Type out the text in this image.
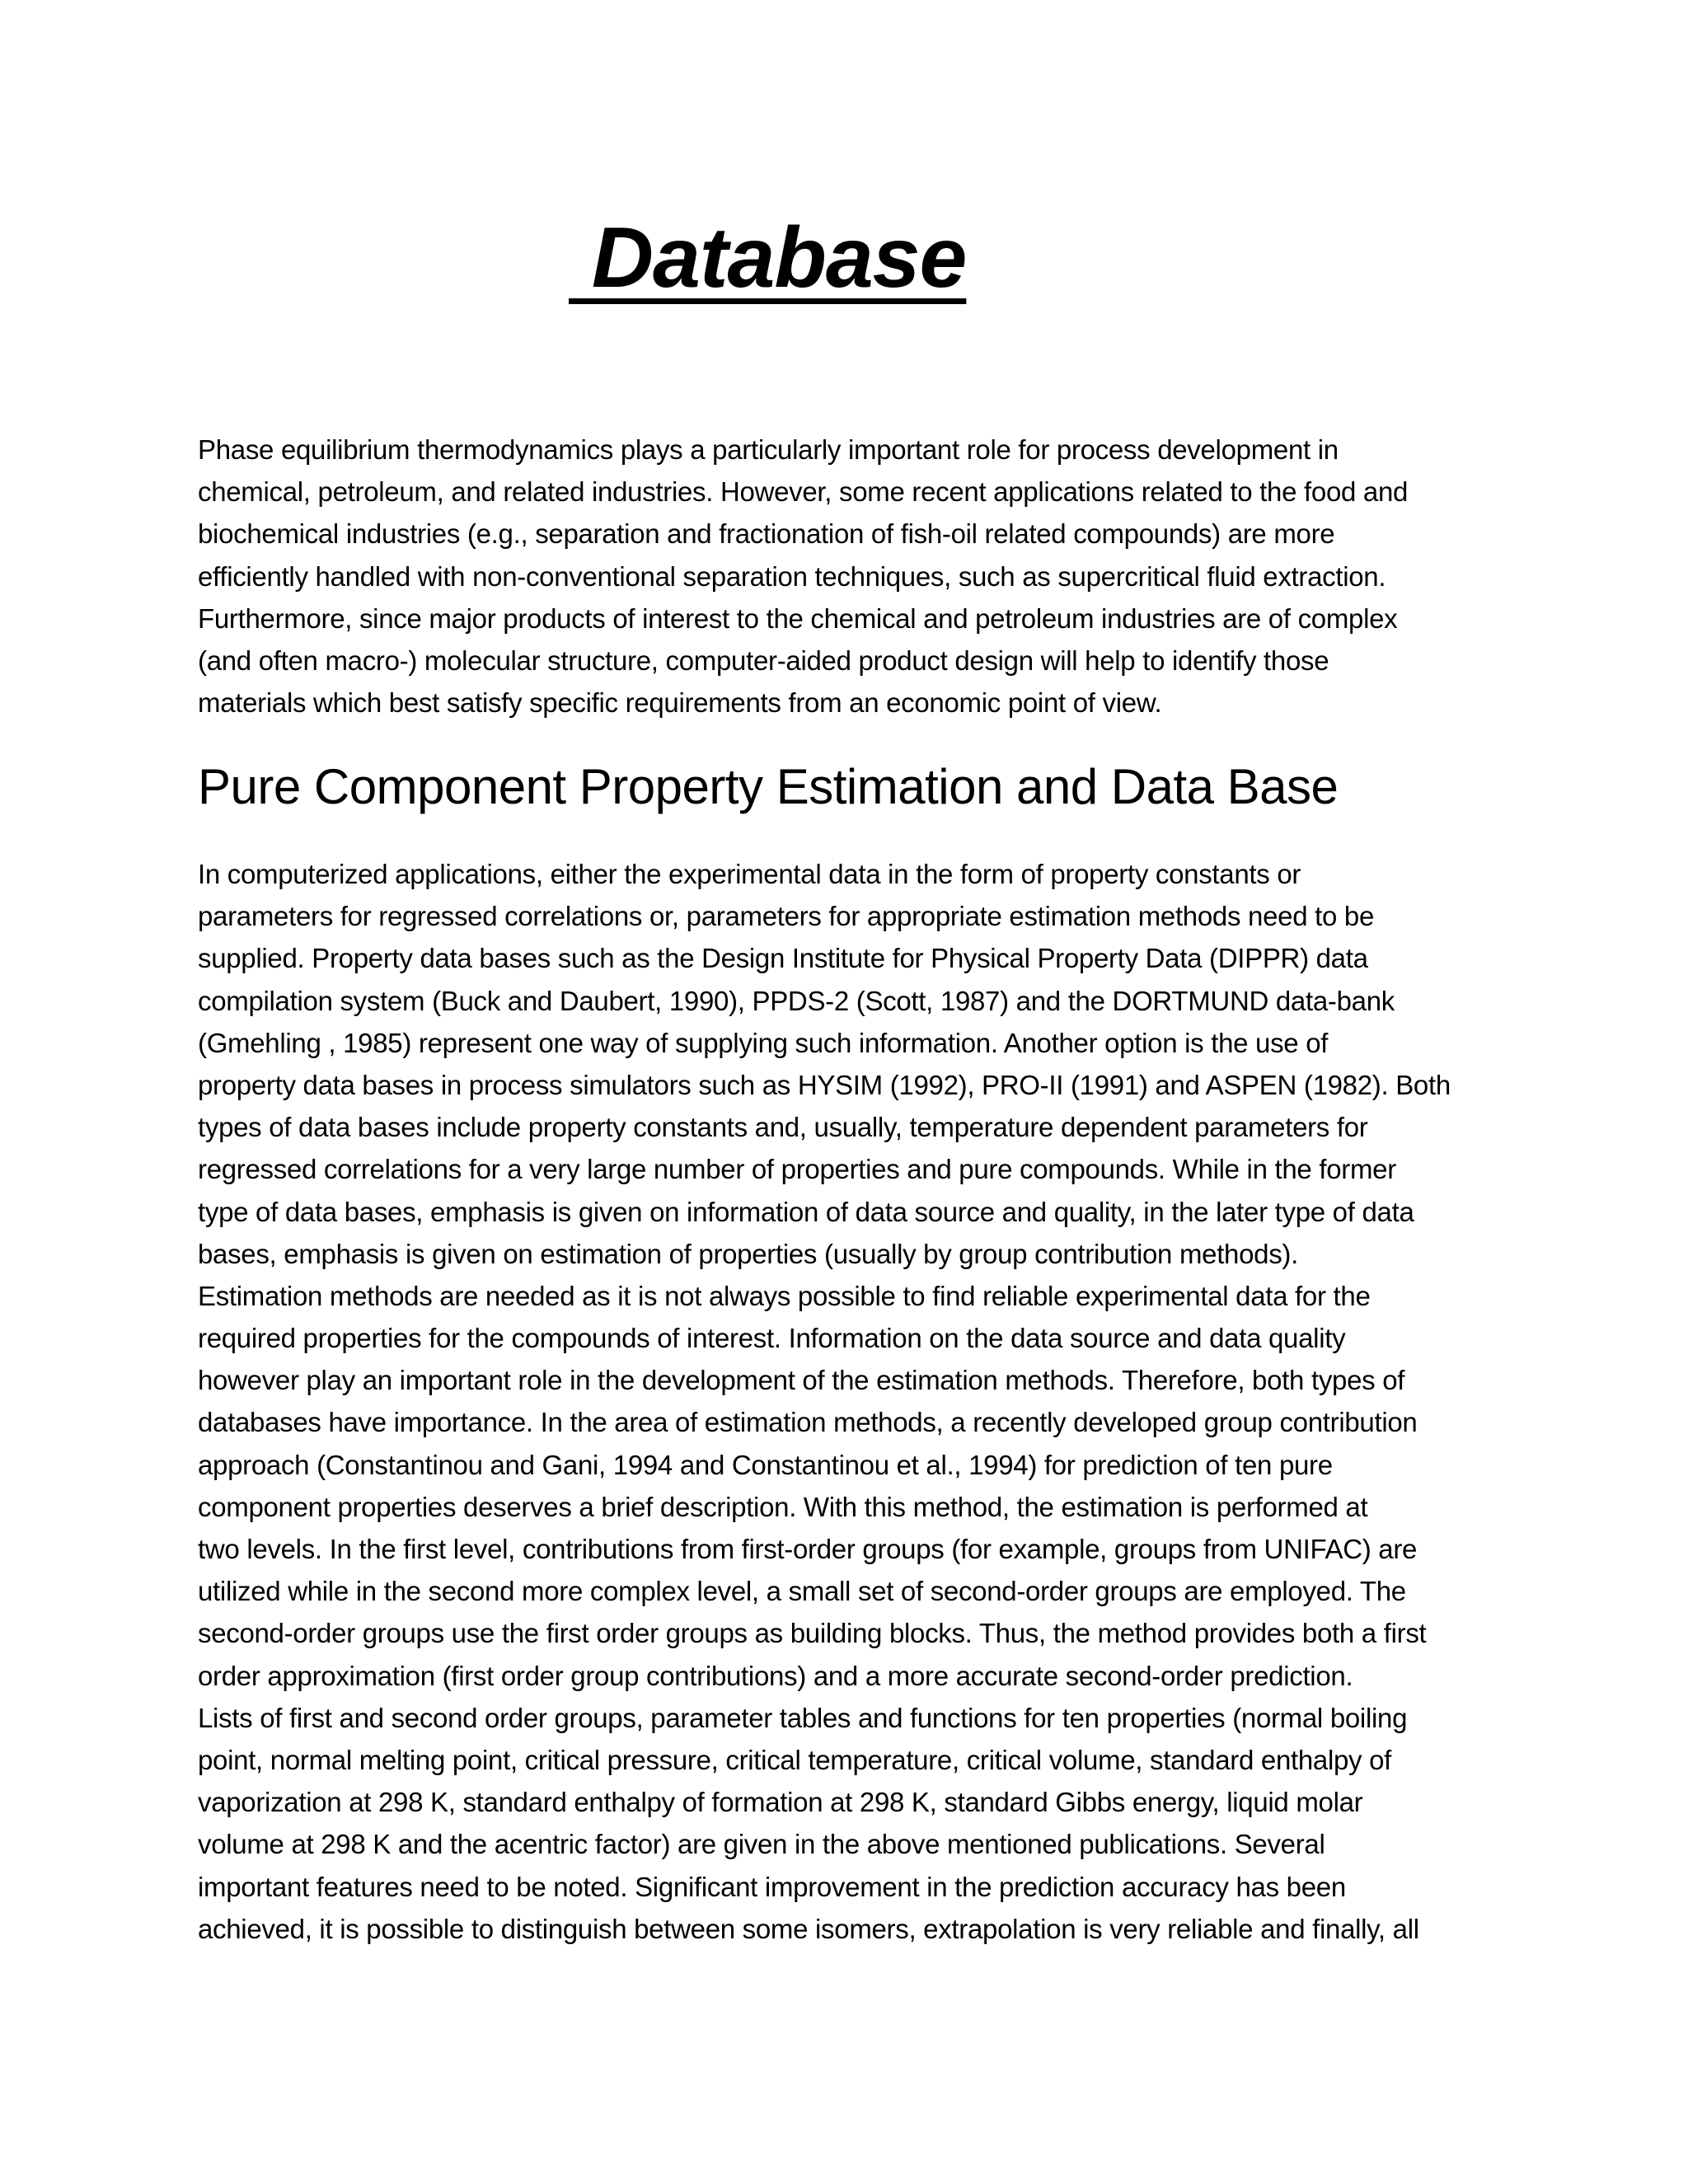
Database
Phase equilibrium thermodynamics plays a particularly important role for process development in
chemical, petroleum, and related industries. However, some recent applications related to the food and
biochemical industries (e.g., separation and fractionation of fish-oil related compounds) are more
efficiently handled with non-conventional separation techniques, such as supercritical fluid extraction.
Furthermore, since major products of interest to the chemical and petroleum industries are of complex
(and often macro-) molecular structure, computer-aided product design will help to identify those
materials which best satisfy specific requirements from an economic point of view.
Pure Component Property Estimation and Data Base
In computerized applications, either the experimental data in the form of property constants or
parameters for regressed correlations or, parameters for appropriate estimation methods need to be
supplied. Property data bases such as the Design Institute for Physical Property Data (DIPPR) data
compilation system (Buck and Daubert, 1990), PPDS-2 (Scott, 1987) and the DORTMUND data-bank
(Gmehling , 1985) represent one way of supplying such information. Another option is the use of
property data bases in process simulators such as HYSIM (1992), PRO-II (1991) and ASPEN (1982). Both
types of data bases include property constants and, usually, temperature dependent parameters for
regressed correlations for a very large number of properties and pure compounds. While in the former
type of data bases, emphasis is given on information of data source and quality, in the later type of data
bases, emphasis is given on estimation of properties (usually by group contribution methods).
Estimation methods are needed as it is not always possible to find reliable experimental data for the
required properties for the compounds of interest. Information on the data source and data quality
however play an important role in the development of the estimation methods. Therefore, both types of
databases have importance. In the area of estimation methods, a recently developed group contribution
approach (Constantinou and Gani, 1994 and Constantinou et al., 1994) for prediction of ten pure
component properties deserves a brief description. With this method, the estimation is performed at
two levels. In the first level, contributions from first-order groups (for example, groups from UNIFAC) are
utilized while in the second more complex level, a small set of second-order groups are employed. The
second-order groups use the first order groups as building blocks. Thus, the method provides both a first
order approximation (first order group contributions) and a more accurate second-order prediction.
Lists of first and second order groups, parameter tables and functions for ten properties (normal boiling
point, normal melting point, critical pressure, critical temperature, critical volume, standard enthalpy of
vaporization at 298 K, standard enthalpy of formation at 298 K, standard Gibbs energy, liquid molar
volume at 298 K and the acentric factor) are given in the above mentioned publications. Several
important features need to be noted. Significant improvement in the prediction accuracy has been
achieved, it is possible to distinguish between some isomers, extrapolation is very reliable and finally, all
